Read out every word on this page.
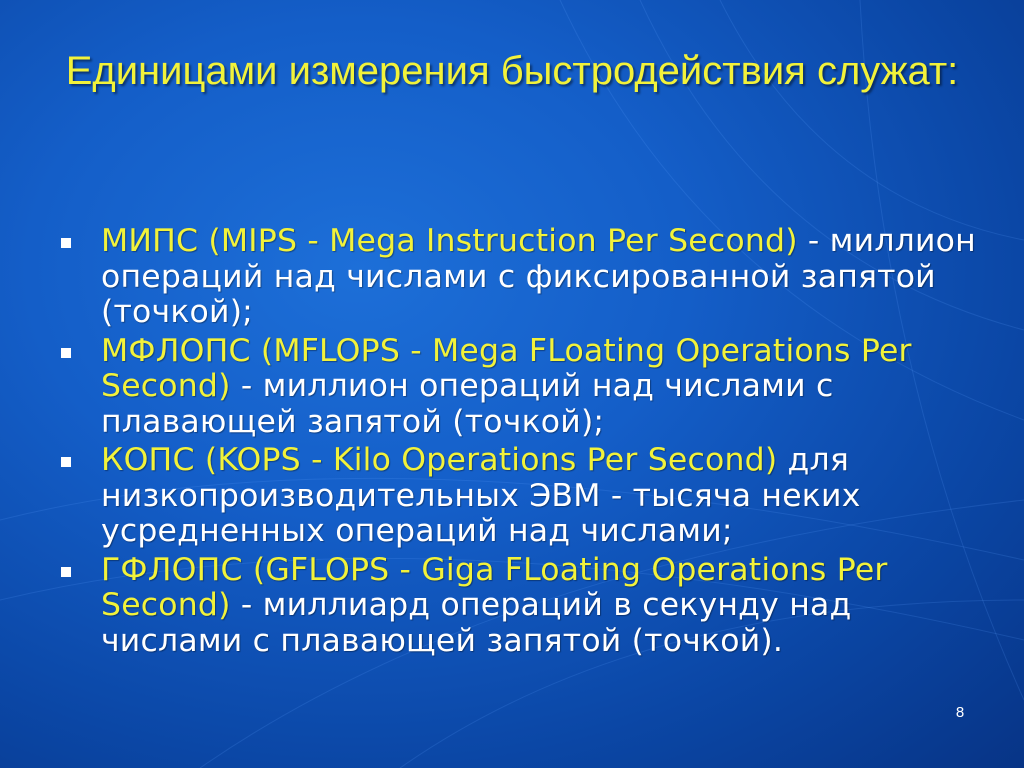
Единицами измерения быстродействия служат:
МИПС (MIPS - Mega Instruction Per Second) - миллион операций над числами с фиксированной запятой (точкой);
МФЛОПС (MFLOPS - Mega FLoating Operations Per Second) - миллион операций над числами с плавающей запятой (точкой);
КОПС (KOPS - Kilo Operations Per Second) для низкопроизводительных ЭВМ - тысяча неких усредненных операций над числами;
ГФЛОПС (GFLOPS - Giga FLoating Operations Per Second) - миллиард операций в секунду над числами с плавающей запятой (точкой).
8
